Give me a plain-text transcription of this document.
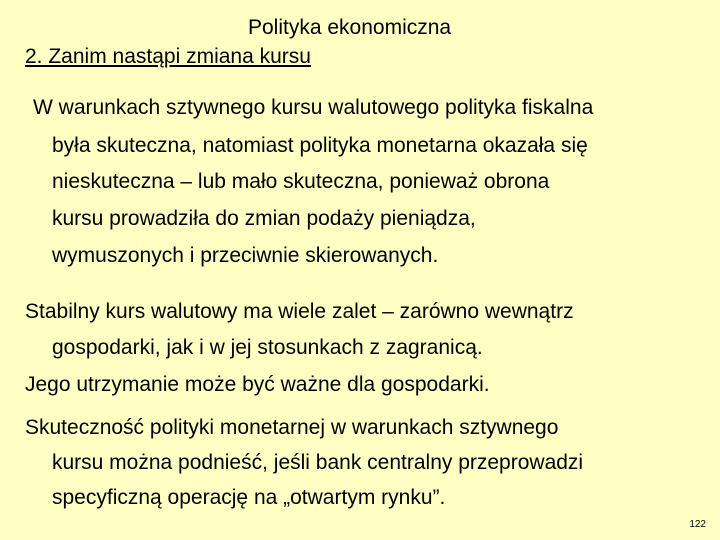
Polityka ekonomiczna
2. Zanim nastąpi zmiana kursu
W warunkach sztywnego kursu walutowego polityka fiskalna
była skuteczna, natomiast polityka monetarna okazała się
nieskuteczna – lub mało skuteczna, ponieważ obrona
kursu prowadziła do zmian podaży pieniądza,
wymuszonych i przeciwnie skierowanych.
Stabilny kurs walutowy ma wiele zalet – zarówno wewnątrz
gospodarki, jak i w jej stosunkach z zagranicą.
Jego utrzymanie może być ważne dla gospodarki.
Skuteczność polityki monetarnej w warunkach sztywnego
kursu można podnieść, jeśli bank centralny przeprowadzi
specyficzną operację na „otwartym rynku”.
122
